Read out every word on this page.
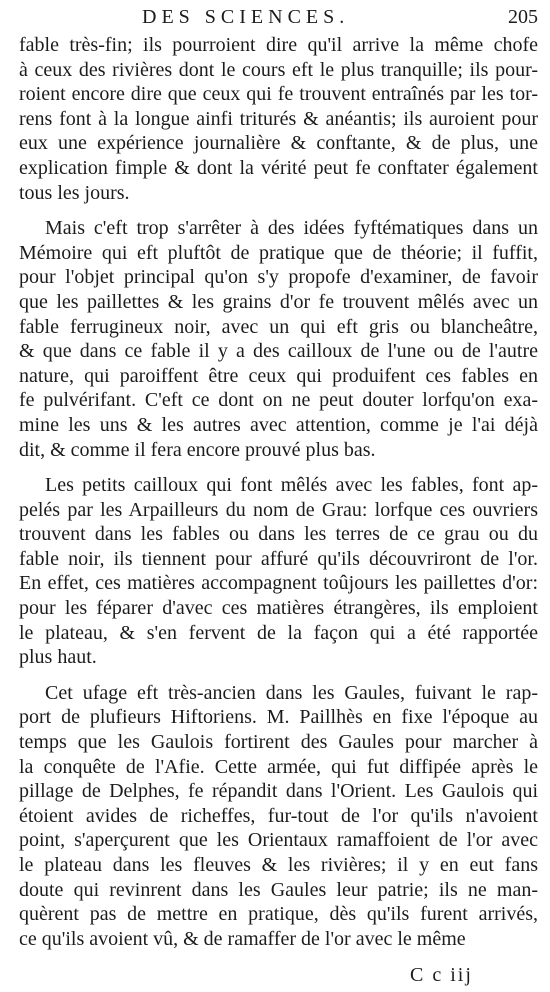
DES SCIENCES.	205
fable très-fin; ils pourroient dire qu'il arrive la même chofe
à ceux des rivières dont le cours eft le plus tranquille; ils pour-
roient encore dire que ceux qui fe trouvent entraînés par les tor-
rens font à la longue ainfi triturés & anéantis; ils auroient pour
eux une expérience journalière & conftante, & de plus, une
explication fimple & dont la vérité peut fe conftater également
tous les jours.
Mais c'eft trop s'arrêter à des idées fyftématiques dans un
Mémoire qui eft pluftôt de pratique que de théorie; il fuffit,
pour l'objet principal qu'on s'y propofe d'examiner, de favoir
que les paillettes & les grains d'or fe trouvent mêlés avec un
fable ferrugineux noir, avec un qui eft gris ou blancheâtre,
& que dans ce fable il y a des cailloux de l'une ou de l'autre
nature, qui paroiffent être ceux qui produifent ces fables en
fe pulvérifant. C'eft ce dont on ne peut douter lorfqu'on exa-
mine les uns & les autres avec attention, comme je l'ai déjà
dit, & comme il fera encore prouvé plus bas.
Les petits cailloux qui font mêlés avec les fables, font ap-
pelés par les Arpailleurs du nom de Grau: lorfque ces ouvriers
trouvent dans les fables ou dans les terres de ce grau ou du
fable noir, ils tiennent pour affuré qu'ils découvriront de l'or.
En effet, ces matières accompagnent toûjours les paillettes d'or:
pour les féparer d'avec ces matières étrangères, ils emploient
le plateau, & s'en fervent de la façon qui a été rapportée
plus haut.
Cet ufage eft très-ancien dans les Gaules, fuivant le rap-
port de plufieurs Hiftoriens. M. Paillhès en fixe l'époque au
temps que les Gaulois fortirent des Gaules pour marcher à
la conquête de l'Afie. Cette armée, qui fut diffipée après le
pillage de Delphes, fe répandit dans l'Orient. Les Gaulois qui
étoient avides de richeffes, fur-tout de l'or qu'ils n'avoient
point, s'aperçurent que les Orientaux ramaffoient de l'or avec
le plateau dans les fleuves & les rivières; il y en eut fans
doute qui revinrent dans les Gaules leur patrie; ils ne man-
quèrent pas de mettre en pratique, dès qu'ils furent arrivés,
ce qu'ils avoient vû, & de ramaffer de l'or avec le même
C c iij
